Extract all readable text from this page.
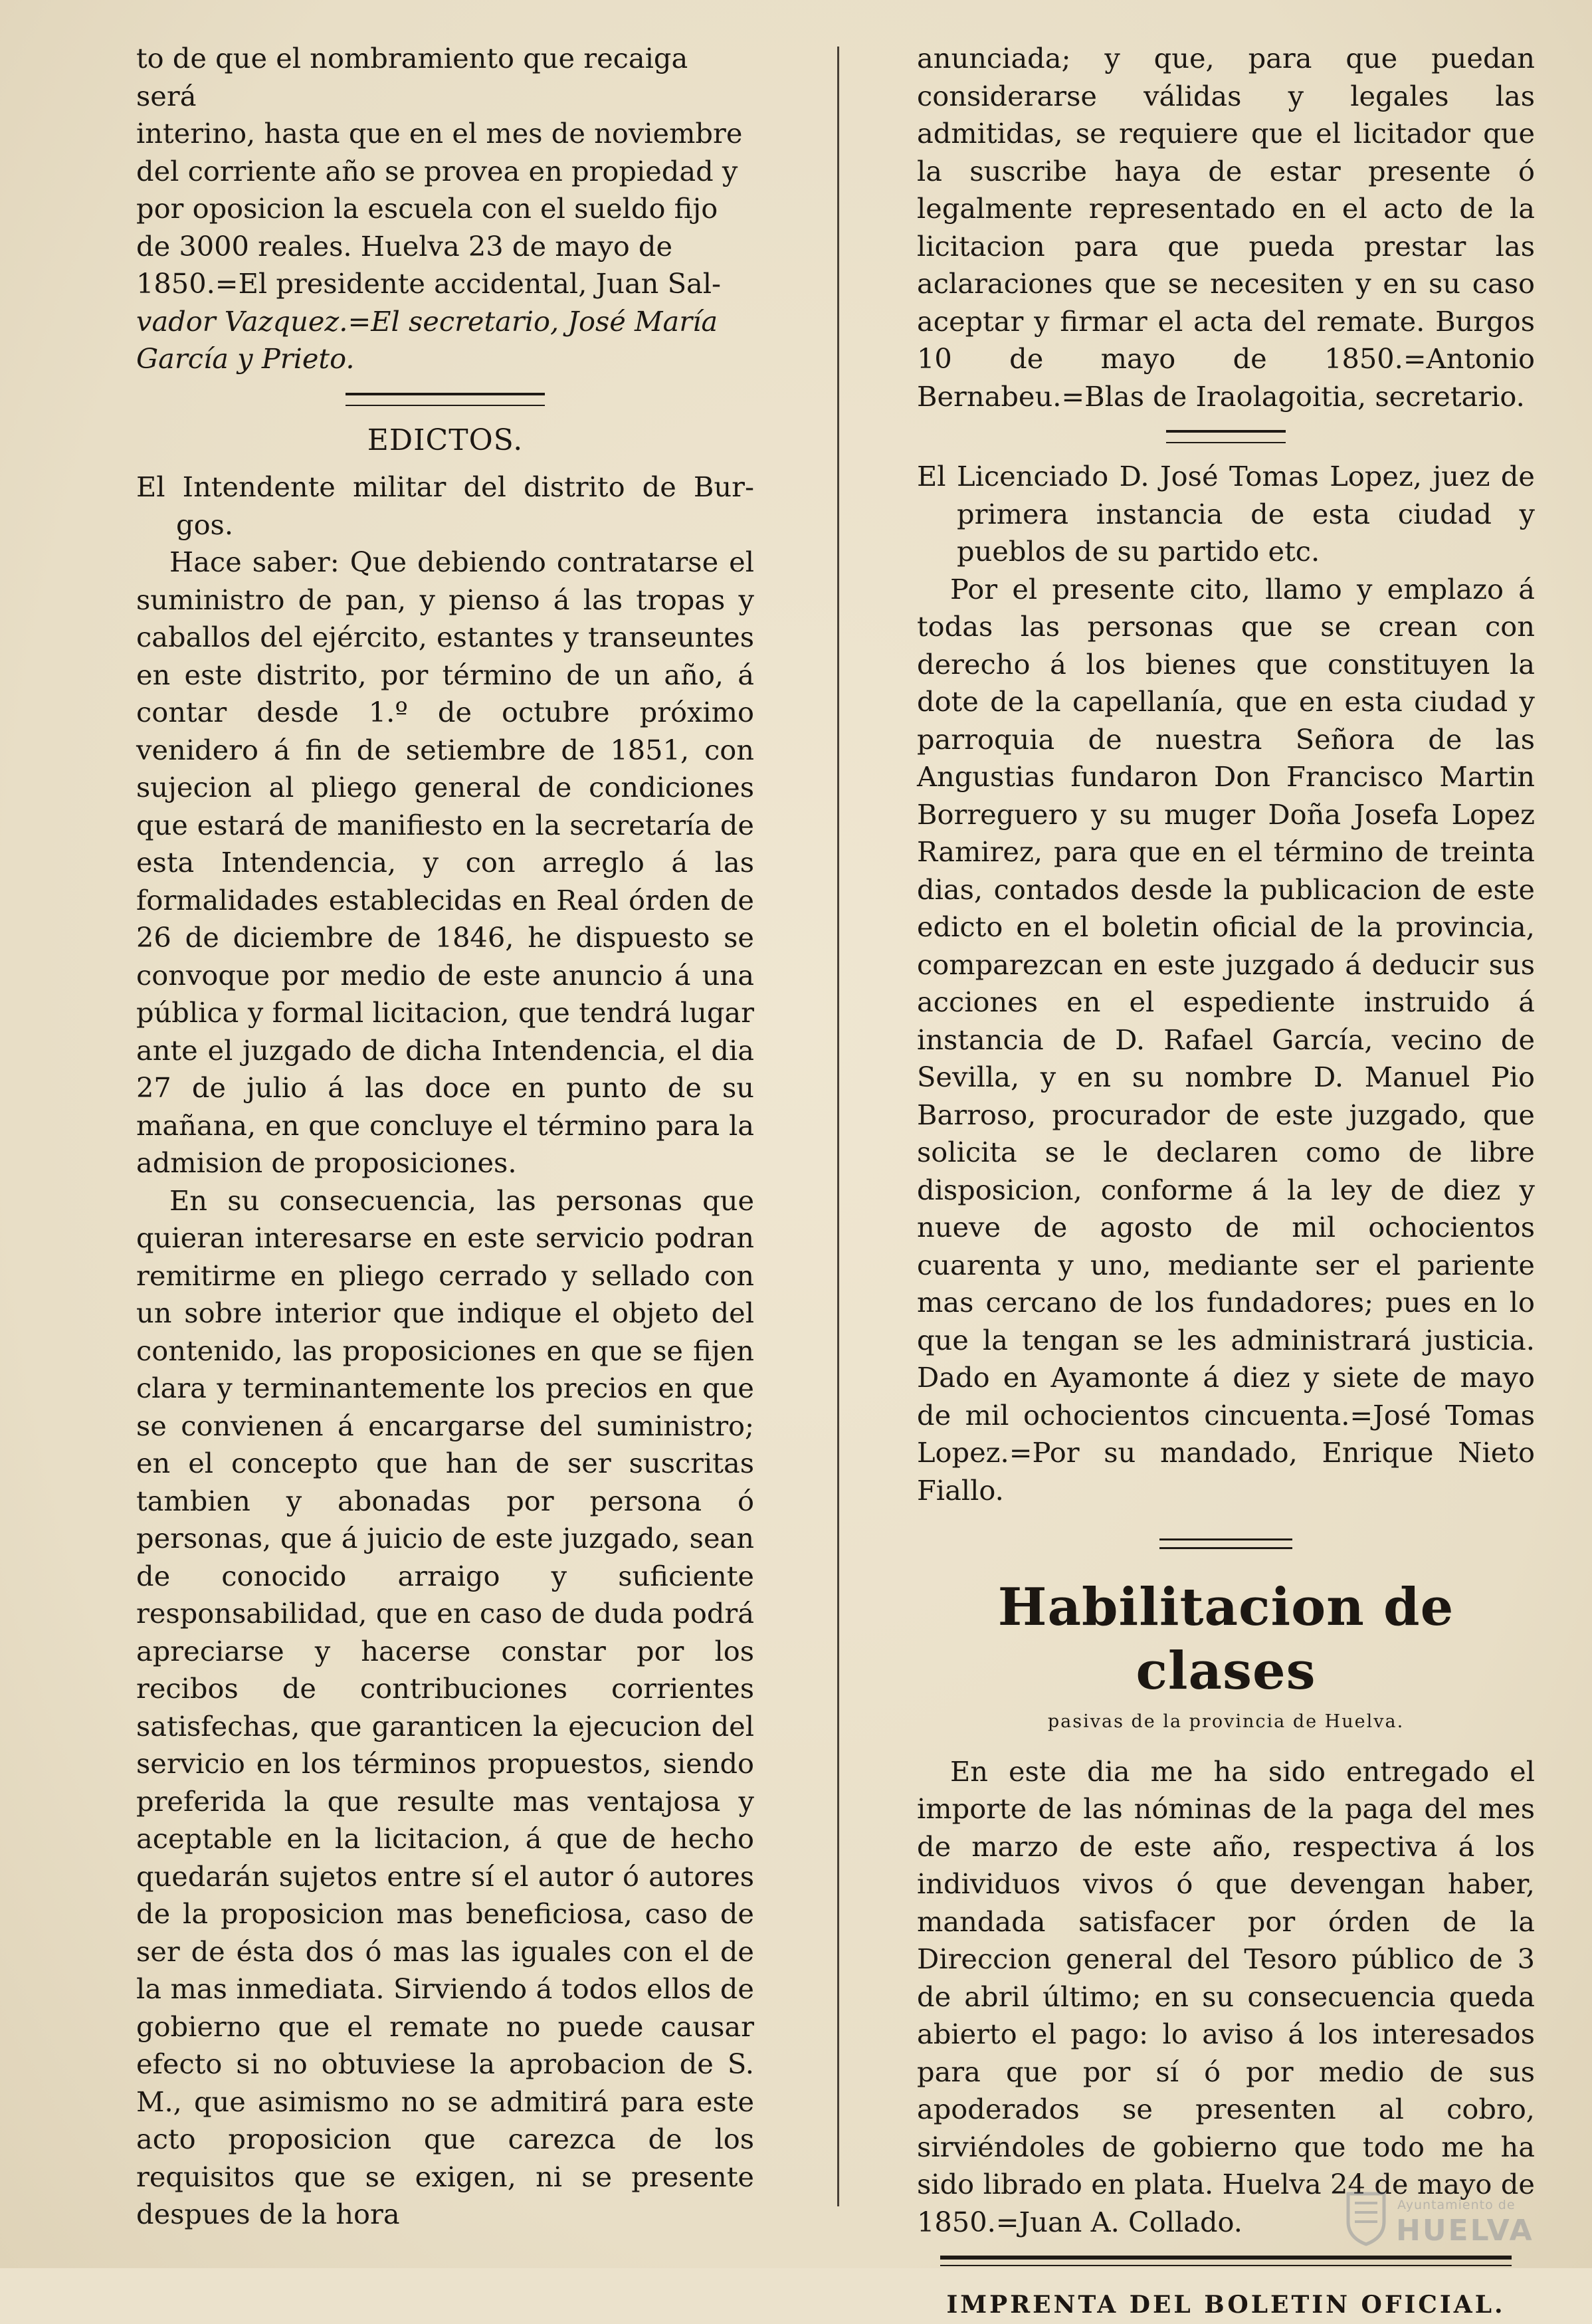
to de que el nombramiento que recaiga será

interino, hasta que en el mes de noviembre

del corriente año se provea en propiedad y

por oposicion la escuela con el sueldo fijo

de 3000 reales. Huelva 23 de mayo de

1850.=El presidente accidental, Juan Sal-

vador Vazquez.=El secretario, José María

García y Prieto.

EDICTOS.

El Intendente militar del distrito de Bur-gos.

Hace saber: Que debiendo contratarse el suministro de pan, y pienso á las tropas y caballos del ejército, estantes y transeuntes en este distrito, por término de un año, á contar desde 1.º de octubre próximo venidero á fin de setiembre de 1851, con sujecion al pliego general de condiciones que estará de manifiesto en la secretaría de esta Intendencia, y con arreglo á las formalidades establecidas en Real órden de 26 de diciembre de 1846, he dispuesto se convoque por medio de este anuncio á una pública y formal licitacion, que tendrá lugar ante el juzgado de dicha Intendencia, el dia 27 de julio á las doce en punto de su mañana, en que concluye el término para la admision de proposiciones.

En su consecuencia, las personas que quieran interesarse en este servicio podran remitirme en pliego cerrado y sellado con un sobre interior que indique el objeto del contenido, las proposiciones en que se fijen clara y terminantemente los precios en que se convienen á encargarse del suministro; en el concepto que han de ser suscritas tambien y abonadas por persona ó personas, que á juicio de este juzgado, sean de conocido arraigo y suficiente responsabilidad, que en caso de duda podrá apreciarse y hacerse constar por los recibos de contribuciones corrientes satisfechas, que garanticen la ejecucion del servicio en los términos propuestos, siendo preferida la que resulte mas ventajosa y aceptable en la licitacion, á que de hecho quedarán sujetos entre sí el autor ó autores de la proposicion mas beneficiosa, caso de ser de ésta dos ó mas las iguales con el de la mas inmediata. Sirviendo á todos ellos de gobierno que el remate no puede causar efecto si no obtuviese la aprobacion de S. M., que asimismo no se admitirá para este acto proposicion que carezca de los requisitos que se exigen, ni se presente despues de la hora

anunciada; y que, para que puedan considerarse válidas y legales las admitidas, se requiere que el licitador que la suscribe haya de estar presente ó legalmente representado en el acto de la licitacion para que pueda prestar las aclaraciones que se necesiten y en su caso aceptar y firmar el acta del remate. Burgos 10 de mayo de 1850.=Antonio Bernabeu.=Blas de Iraolagoitia, secretario.

El Licenciado D. José Tomas Lopez, juez de primera instancia de esta ciudad y pueblos de su partido etc.

Por el presente cito, llamo y emplazo á todas las personas que se crean con derecho á los bienes que constituyen la dote de la capellanía, que en esta ciudad y parroquia de nuestra Señora de las Angustias fundaron Don Francisco Martin Borreguero y su muger Doña Josefa Lopez Ramirez, para que en el término de treinta dias, contados desde la publicacion de este edicto en el boletin oficial de la provincia, comparezcan en este juzgado á deducir sus acciones en el espediente instruido á instancia de D. Rafael García, vecino de Sevilla, y en su nombre D. Manuel Pio Barroso, procurador de este juzgado, que solicita se le declaren como de libre disposicion, conforme á la ley de diez y nueve de agosto de mil ochocientos cuarenta y uno, mediante ser el pariente mas cercano de los fundadores; pues en lo que la tengan se les administrará justicia. Dado en Ayamonte á diez y siete de mayo de mil ochocientos cincuenta.=José Tomas Lopez.=Por su mandado, Enrique Nieto Fiallo.

Habilitacion de clases
pasivas de la provincia de Huelva.

En este dia me ha sido entregado el importe de las nóminas de la paga del mes de marzo de este año, respectiva á los individuos vivos ó que devengan haber, mandada satisfacer por órden de la Direccion general del Tesoro público de 3 de abril último; en su consecuencia queda abierto el pago: lo aviso á los interesados para que por sí ó por medio de sus apoderados se presenten al cobro, sirviéndoles de gobierno que todo me ha sido librado en plata. Huelva 24 de mayo de 1850.=Juan A. Collado.

IMPRENTA DEL BOLETIN OFICIAL.
Ayuntamiento de
HUELVA
